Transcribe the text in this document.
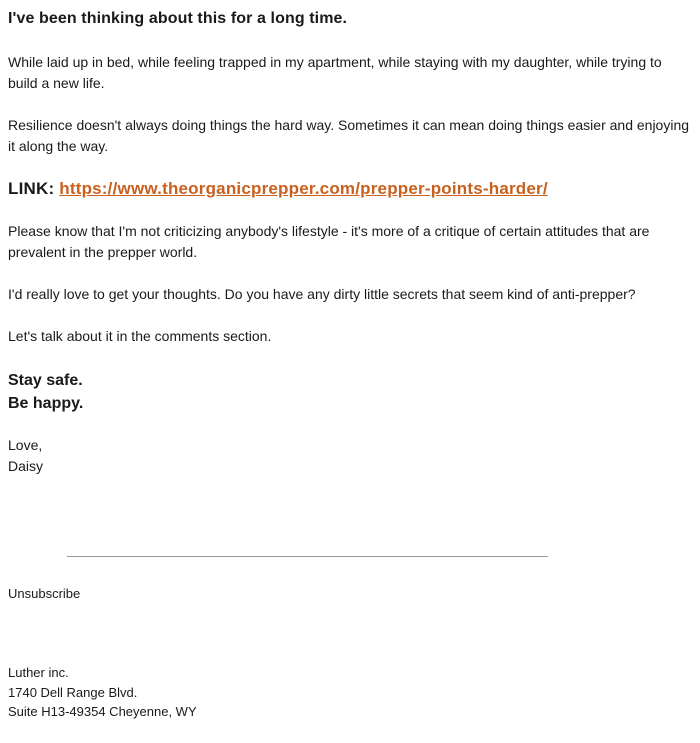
I've been thinking about this for a long time.
While laid up in bed, while feeling trapped in my apartment, while staying with my daughter, while trying to build a new life.
Resilience doesn't always doing things the hard way. Sometimes it can mean doing things easier and enjoying it along the way.
LINK: https://www.theorganicprepper.com/prepper-points-harder/
Please know that I'm not criticizing anybody's lifestyle - it's more of a critique of certain attitudes that are prevalent in the prepper world.
I'd really love to get your thoughts. Do you have any dirty little secrets that seem kind of anti-prepper?
Let's talk about it in the comments section.
Stay safe.
Be happy.
Love,
Daisy
Unsubscribe
Luther inc.
1740 Dell Range Blvd.
Suite H13-49354 Cheyenne, WY
